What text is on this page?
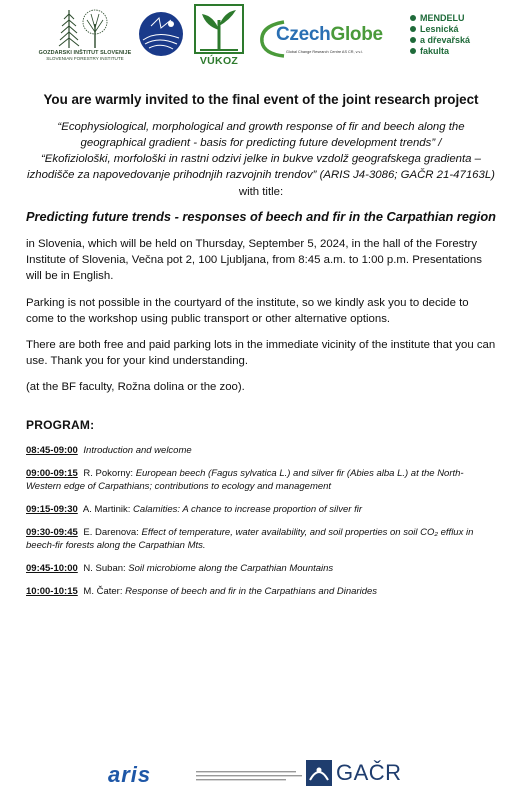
GOZDARSKI INŠTITUT SLOVENIJE
SLOVENIAN FORESTRY INSTITUTE	VÚKOZ
CzechGlobe
Global Change Research Centre AS CR, v.v.i.
MENDELU
Lesnická
a dřevařská
fakulta
You are warmly invited to the final event of the joint research project
“Ecophysiological, morphological and growth response of fir and beech along the geographical gradient - basis for predicting future development trends” /
“Ekofiziološki, morfološki in rastni odzivi jelke in bukve vzdolž geografskega gradienta – izhodišče za napovedovanje prihodnjih razvojnih trendov” (ARIS J4-3086; GAČR 21-47163L)
with title:
Predicting future trends - responses of beech and fir in the Carpathian region
in Slovenia, which will be held on Thursday, September 5, 2024, in the hall of the Forestry Institute of Slovenia, Večna pot 2, 100 Ljubljana, from 8:45 a.m. to 1:00 p.m. Presentations will be in English.
Parking is not possible in the courtyard of the institute, so we kindly ask you to decide to come to the workshop using public transport or other alternative options.
There are both free and paid parking lots in the immediate vicinity of the institute that you can use. Thank you for your kind understanding.
(at the BF faculty, Rožna dolina or the zoo).
PROGRAM:
08:45-09:00 Introduction and welcome
09:00-09:15 R. Pokorny: European beech (Fagus sylvatica L.) and silver fir (Abies alba L.) at the North-Western edge of Carpathians; contributions to ecology and management
09:15-09:30 A. Martinik: Calamities: A chance to increase proportion of silver fir
09:30-09:45 E. Darenova: Effect of temperature, water availability, and soil properties on soil CO₂ efflux in beech-fir forests along the Carpathian Mts.
09:45-10:00 N. Suban: Soil microbiome along the Carpathian Mountains
10:00-10:15 M. Čater: Response of beech and fir in the Carpathians and Dinarides
aris	GAČR
